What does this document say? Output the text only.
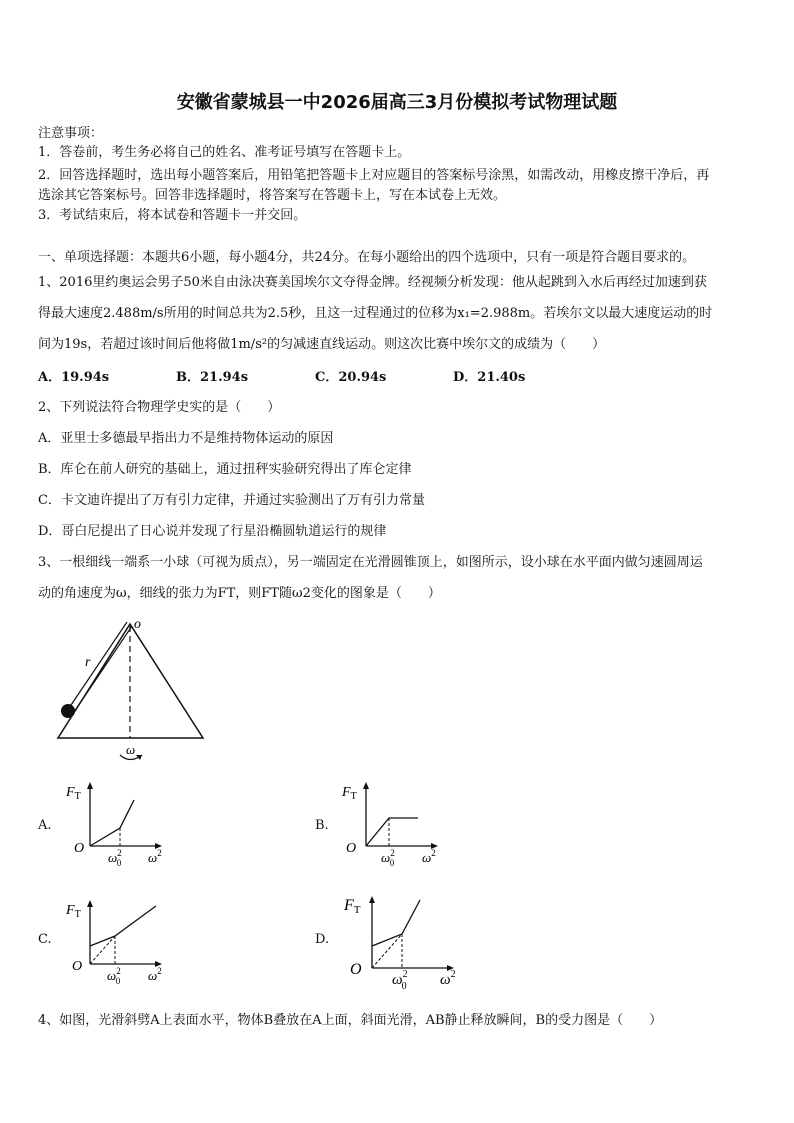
安徽省蒙城县一中2026届高三3月份模拟考试物理试题
注意事项：
1．答卷前，考生务必将自己的姓名、准考证号填写在答题卡上。
2．回答选择题时，选出每小题答案后，用铅笔把答题卡上对应题目的答案标号涂黑，如需改动，用橡皮擦干净后，再
选涂其它答案标号。回答非选择题时，将答案写在答题卡上，写在本试卷上无效。
3．考试结束后，将本试卷和答题卡一并交回。
一、单项选择题：本题共6小题，每小题4分，共24分。在每小题给出的四个选项中，只有一项是符合题目要求的。
1、2016里约奥运会男子50米自由泳决赛美国埃尔文夺得金牌。经视频分析发现：他从起跳到入水后再经过加速到获
得最大速度2.488m/s所用的时间总共为2.5秒，且这一过程通过的位移为x₁=2.988m。若埃尔文以最大速度运动的时
间为19s，若超过该时间后他将做1m/s²的匀减速直线运动。则这次比赛中埃尔文的成绩为（　　）
A．19.94s	B．21.94s	C．20.94s	D．21.40s
2、下列说法符合物理学史实的是（　　）
A．亚里士多德最早指出力不是维持物体运动的原因
B．库仑在前人研究的基础上，通过扭秤实验研究得出了库仑定律
C．卡文迪许提出了万有引力定律，并通过实验测出了万有引力常量
D．哥白尼提出了日心说并发现了行星沿椭圆轨道运行的规律
3、一根细线一端系一小球（可视为质点），另一端固定在光滑圆锥顶上，如图所示，设小球在水平面内做匀速圆周运
动的角速度为ω，细线的张力为FT，则FT随ω2变化的图象是（　　）
o
r
ω
A.
$F_T$
O
$\omega^2$ 0 $\omega^2$
B.
$F_T$
O
$\omega^2$ 0 $\omega^2$
C.
$F_T$
O
$\omega^2$ 0 $\omega^2$
D.
FT
O
$\omega^2$ 0 $\omega^2$
4、如图，光滑斜劈A上表面水平，物体B叠放在A上面，斜面光滑，AB静止释放瞬间，B的受力图是（　　）
